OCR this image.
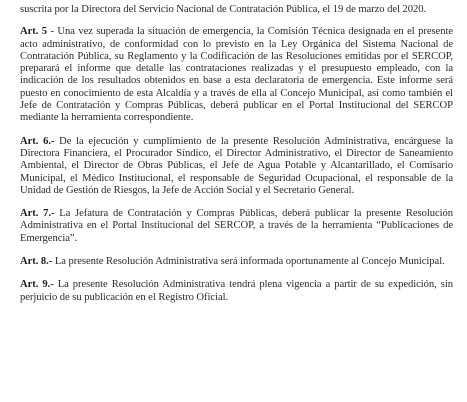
suscrita por la Directora del Servicio Nacional de Contratación Pública, el 19 de marzo del 2020.

Art. 5 - Una vez superada la situación de emergencia, la Comisión Técnica designada en el presente acto administrativo, de conformidad con lo previsto en la Ley Orgánica del Sistema Nacional de Contratación Pública, su Reglamento y la Codificación de las Resoluciones emitidas por el SERCOP, preparará el informe que detalle las contrataciones realizadas y el presupuesto empleado, con la indicación de los resultados obtenidos en base a esta declaratoria de emergencia. Este informe será puesto en conocimiento de esta Alcaldía y a través de ella al Concejo Municipal, así como también el Jefe de Contratación y Compras Públicas, deberá publicar en el Portal Institucional del SERCOP mediante la herramienta correspondiente.

Art. 6.- De la ejecución y cumplimiento de la presente Resolución Administrativa, encárguese la Directora Financiera, el Procurador Síndico, el Director Administrativo, el Director de Saneamiento Ambiental, el Director de Obras Públicas, el Jefe de Agua Potable y Alcantarillado, el Comisario Municipal, el Médico Institucional, el responsable de Seguridad Ocupacional, el responsable de la Unidad de Gestión de Riesgos, la Jefe de Acción Social y el Secretario General.

Art. 7.- La Jefatura de Contratación y Compras Públicas, deberá publicar la presente Resolución Administrativa en el Portal Institucional del SERCOP, a través de la herramienta “Publicaciones de Emergencia”.

Art. 8.- La presente Resolución Administrativa será informada oportunamente al Concejo Municipal.

Art. 9.- La presente Resolución Administrativa tendrá plena vigencia a partir de su expedición, sin perjuicio de su publicación en el Registro Oficial.
